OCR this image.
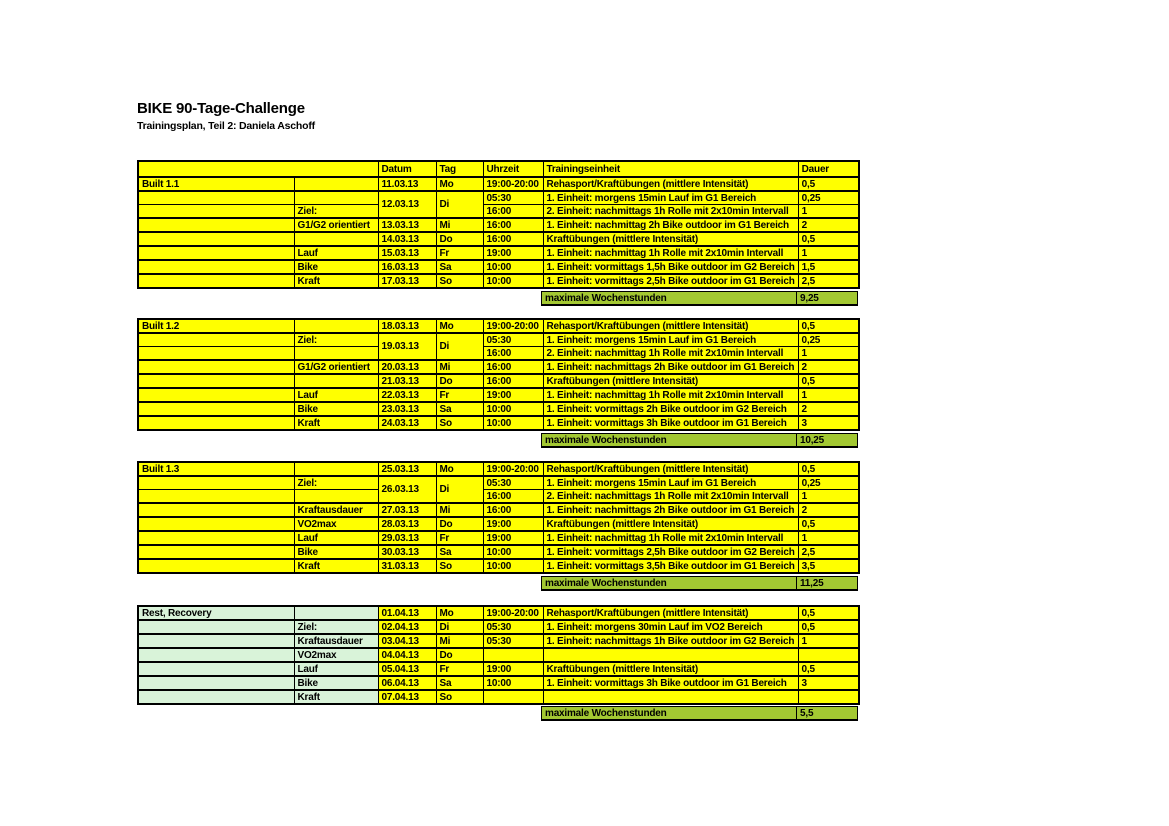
BIKE 90-Tage-Challenge
Trainingsplan, Teil 2: Daniela Aschoff
		Datum	Tag	Uhrzeit	Trainingseinheit	Dauer
Built 1.1		11.03.13	Mo	19:00-20:00	Rehasport/Kraftübungen (mittlere Intensität)	0,5
		12.03.13	Di	05:30	1. Einheit: morgens 15min Lauf im G1 Bereich	0,25
	Ziel:			16:00	2. Einheit: nachmittags 1h Rolle mit 2x10min Intervall	1
	G1/G2 orientiert	13.03.13	Mi	16:00	1. Einheit: nachmittag 2h Bike outdoor im G1 Bereich	2
		14.03.13	Do	16:00	Kraftübungen (mittlere Intensität)	0,5
	Lauf	15.03.13	Fr	19:00	1. Einheit: nachmittag 1h Rolle mit 2x10min Intervall	1
	Bike	16.03.13	Sa	10:00	1. Einheit: vormittags 1,5h Bike outdoor im G2 Bereich	1,5
	Kraft	17.03.13	So	10:00	1. Einheit: vormittags 2,5h Bike outdoor im G1 Bereich	2,5
maximale Wochenstunden	9,25
Built 1.2		18.03.13	Mo	19:00-20:00	Rehasport/Kraftübungen (mittlere Intensität)	0,5
	Ziel:	19.03.13	Di	05:30	1. Einheit: morgens 15min Lauf im G1 Bereich	0,25
				16:00	2. Einheit: nachmittag 1h Rolle mit 2x10min Intervall	1
	G1/G2 orientiert	20.03.13	Mi	16:00	1. Einheit: nachmittags 2h Bike outdoor im G1 Bereich	2
		21.03.13	Do	16:00	Kraftübungen (mittlere Intensität)	0,5
	Lauf	22.03.13	Fr	19:00	1. Einheit: nachmittag 1h Rolle mit 2x10min Intervall	1
	Bike	23.03.13	Sa	10:00	1. Einheit: vormittags 2h Bike outdoor im G2 Bereich	2
	Kraft	24.03.13	So	10:00	1. Einheit: vormittags 3h Bike outdoor im G1 Bereich	3
maximale Wochenstunden	10,25
Built 1.3		25.03.13	Mo	19:00-20:00	Rehasport/Kraftübungen (mittlere Intensität)	0,5
	Ziel:	26.03.13	Di	05:30	1. Einheit: morgens 15min Lauf im G1 Bereich	0,25
				16:00	2. Einheit: nachmittags 1h Rolle mit 2x10min Intervall	1
	Kraftausdauer	27.03.13	Mi	16:00	1. Einheit: nachmittags 2h Bike outdoor im G1 Bereich	2
	VO2max	28.03.13	Do	19:00	Kraftübungen (mittlere Intensität)	0,5
	Lauf	29.03.13	Fr	19:00	1. Einheit: nachmittag 1h Rolle mit 2x10min Intervall	1
	Bike	30.03.13	Sa	10:00	1. Einheit: vormittags 2,5h Bike outdoor im G2 Bereich	2,5
	Kraft	31.03.13	So	10:00	1. Einheit: vormittags 3,5h Bike outdoor im G1 Bereich	3,5
maximale Wochenstunden	11,25
Rest, Recovery		01.04.13	Mo	19:00-20:00	Rehasport/Kraftübungen (mittlere Intensität)	0,5
	Ziel:	02.04.13	Di	05:30	1. Einheit: morgens 30min Lauf im VO2 Bereich	0,5
	Kraftausdauer	03.04.13	Mi	05:30	1. Einheit: nachmittags 1h Bike outdoor im G2 Bereich	1
	VO2max	04.04.13	Do			
	Lauf	05.04.13	Fr	19:00	Kraftübungen (mittlere Intensität)	0,5
	Bike	06.04.13	Sa	10:00	1. Einheit: vormittags 3h Bike outdoor im G1 Bereich	3
	Kraft	07.04.13	So			
maximale Wochenstunden	5,5
